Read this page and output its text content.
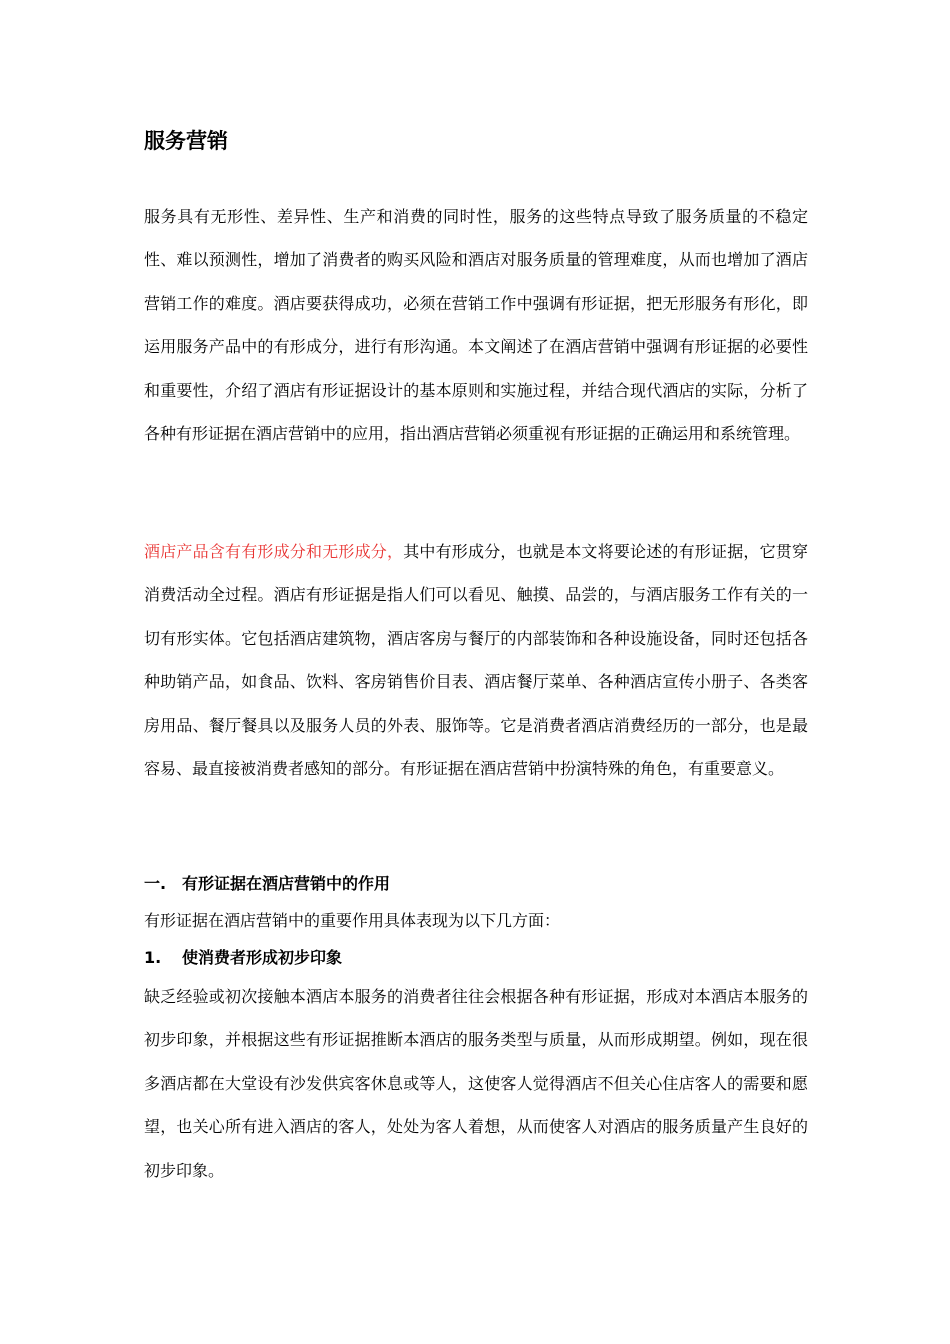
服务营销

服务具有无形性、差异性、生产和消费的同时性，服务的这些特点导致了服务质量的不稳定性、难以预测性，增加了消费者的购买风险和酒店对服务质量的管理难度，从而也增加了酒店营销工作的难度。酒店要获得成功，必须在营销工作中强调有形证据，把无形服务有形化，即运用服务产品中的有形成分，进行有形沟通。本文阐述了在酒店营销中强调有形证据的必要性和重要性，介绍了酒店有形证据设计的基本原则和实施过程，并结合现代酒店的实际，分析了各种有形证据在酒店营销中的应用，指出酒店营销必须重视有形证据的正确运用和系统管理。

酒店产品含有有形成分和无形成分，其中有形成分，也就是本文将要论述的有形证据，它贯穿消费活动全过程。酒店有形证据是指人们可以看见、触摸、品尝的，与酒店服务工作有关的一切有形实体。它包括酒店建筑物，酒店客房与餐厅的内部装饰和各种设施设备，同时还包括各种助销产品，如食品、饮料、客房销售价目表、酒店餐厅菜单、各种酒店宣传小册子、各类客房用品、餐厅餐具以及服务人员的外表、服饰等。它是消费者酒店消费经历的一部分，也是最容易、最直接被消费者感知的部分。有形证据在酒店营销中扮演特殊的角色，有重要意义。

一. 有形证据在酒店营销中的作用

有形证据在酒店营销中的重要作用具体表现为以下几方面：

1. 使消费者形成初步印象

缺乏经验或初次接触本酒店本服务的消费者往往会根据各种有形证据，形成对本酒店本服务的初步印象，并根据这些有形证据推断本酒店的服务类型与质量，从而形成期望。例如，现在很多酒店都在大堂设有沙发供宾客休息或等人，这使客人觉得酒店不但关心住店客人的需要和愿望，也关心所有进入酒店的客人，处处为客人着想，从而使客人对酒店的服务质量产生良好的初步印象。
